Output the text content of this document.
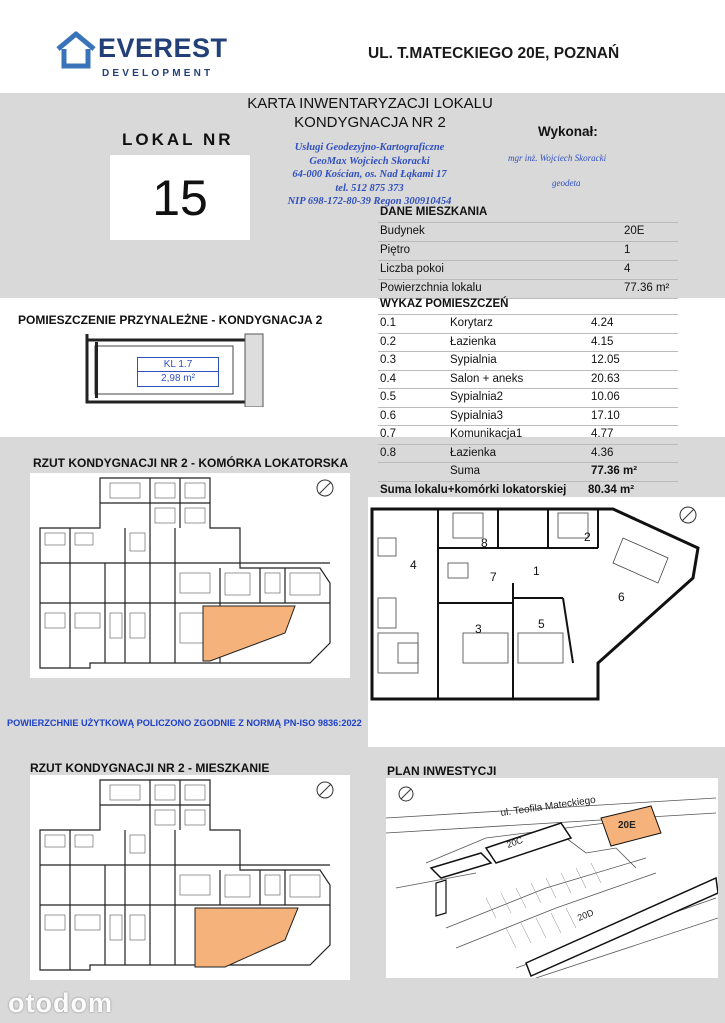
EVEREST
DEVELOPMENT
UL. T.MATECKIEGO 20E, POZNAŃ
KARTA INWENTARYZACJI LOKALU
KONDYGNACJA NR 2
LOKAL NR
15
Usługi Geodezyjno-Kartograficzne
GeoMax Wojciech Skoracki
64-000 Kościan, os. Nad Łąkami 17
tel. 512 875 373
NIP 698-172-80-39 Regon 300910454
Wykonał:
mgr inż. Wojciech Skoracki
geodeta
DANE MIESZKANIA
Budynek	20E
Piętro	1
Liczba pokoi	4
Powierzchnia lokalu	77.36 m²
POMIESZCZENIE PRZYNALEŻNE - KONDYGNACJA 2
KL 1.7
2,98 m²
WYKAZ POMIESZCZEŃ
0.1	Korytarz	4.24
0.2	Łazienka	4.15
0.3	Sypialnia	12.05
0.4	Salon + aneks	20.63
0.5	Sypialnia2	10.06
0.6	Sypialnia3	17.10
0.7	Komunikacja1	4.77
0.8	Łazienka	4.36
Suma	77.36 m²
Suma lokalu+komórki lokatorskiej 80.34 m²
RZUT KONDYGNACJI NR 2 - KOMÓRKA LOKATORSKA
1
2
3
4
5
6
7
8
POWIERZCHNIE UŻYTKOWĄ POLICZONO ZGODNIE Z NORMĄ PN-ISO 9836:2022
RZUT KONDYGNACJI NR 2 - MIESZKANIE	PLAN INWESTYCJI
ul. Teofila Mateckiego
20C
20E
20D
otodom
